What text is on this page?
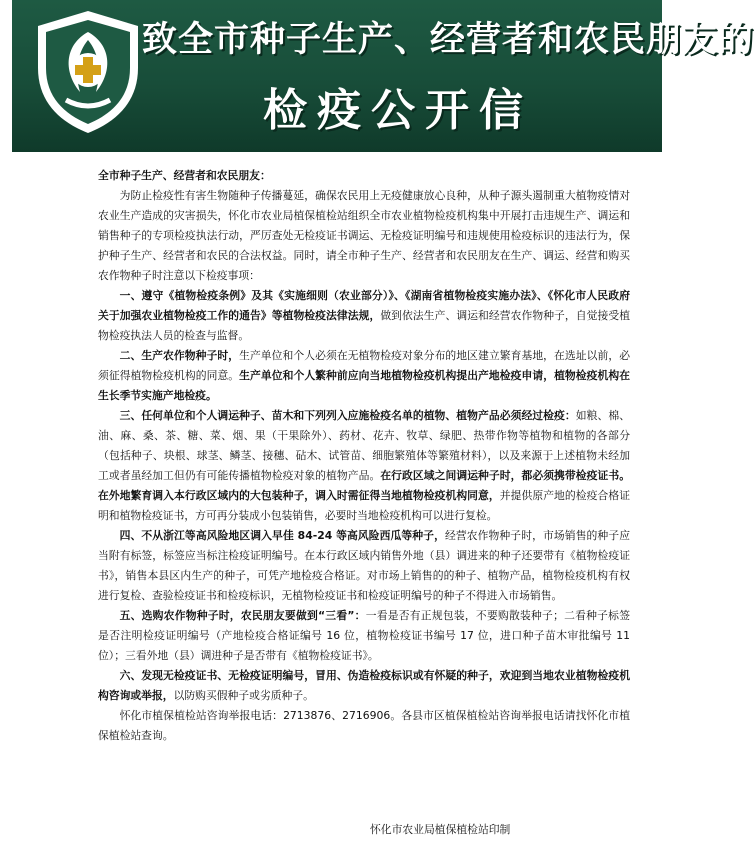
致全市种子生产、经营者和农民朋友的
检疫公开信

全市种子生产、经营者和农民朋友：

为防止检疫性有害生物随种子传播蔓延，确保农民用上无疫健康放心良种，从种子源头遏制重大植物疫情对农业生产造成的灾害损失，怀化市农业局植保植检站组织全市农业植物检疫机构集中开展打击违规生产、调运和销售种子的专项检疫执法行动，严厉查处无检疫证书调运、无检疫证明编号和违规使用检疫标识的违法行为，保护种子生产、经营者和农民的合法权益。同时，请全市种子生产、经营者和农民朋友在生产、调运、经营和购买农作物种子时注意以下检疫事项：

一、遵守《植物检疫条例》及其《实施细则（农业部分）》、《湖南省植物检疫实施办法》、《怀化市人民政府关于加强农业植物检疫工作的通告》等植物检疫法律法规，做到依法生产、调运和经营农作物种子，自觉接受植物检疫执法人员的检查与监督。

二、生产农作物种子时，生产单位和个人必须在无植物检疫对象分布的地区建立繁育基地，在选址以前，必须征得植物检疫机构的同意。生产单位和个人繁种前应向当地植物检疫机构提出产地检疫申请，植物检疫机构在生长季节实施产地检疫。

三、任何单位和个人调运种子、苗木和下列列入应施检疫名单的植物、植物产品必须经过检疫：如粮、棉、油、麻、桑、茶、糖、菜、烟、果（干果除外）、药材、花卉、牧草、绿肥、热带作物等植物和植物的各部分（包括种子、块根、球茎、鳞茎、接穗、砧木、试管苗、细胞繁殖体等繁殖材料），以及来源于上述植物未经加工或者虽经加工但仍有可能传播植物检疫对象的植物产品。在行政区域之间调运种子时，都必须携带检疫证书。在外地繁育调入本行政区域内的大包装种子，调入时需征得当地植物检疫机构同意，并提供原产地的检疫合格证明和植物检疫证书，方可再分装成小包装销售，必要时当地检疫机构可以进行复检。

四、不从浙江等高风险地区调入早佳 84-24 等高风险西瓜等种子，经营农作物种子时，市场销售的种子应当附有标签，标签应当标注检疫证明编号。在本行政区域内销售外地（县）调进来的种子还要带有《植物检疫证书》，销售本县区内生产的种子，可凭产地检疫合格证。对市场上销售的的种子、植物产品，植物检疫机构有权进行复检、查验检疫证书和检疫标识，无植物检疫证书和检疫证明编号的种子不得进入市场销售。

五、选购农作物种子时，农民朋友要做到“三看”：一看是否有正规包装，不要购散装种子；二看种子标签是否注明检疫证明编号（产地检疫合格证编号 16 位，植物检疫证书编号 17 位，进口种子苗木审批编号 11 位）；三看外地（县）调进种子是否带有《植物检疫证书》。

六、发现无检疫证书、无检疫证明编号，冒用、伪造检疫标识或有怀疑的种子，欢迎到当地农业植物检疫机构咨询或举报，以防购买假种子或劣质种子。

怀化市植保植检站咨询举报电话：2713876、2716906。各县市区植保植检站咨询举报电话请找怀化市植保植检站查询。

怀化市农业局植保植检站印制
